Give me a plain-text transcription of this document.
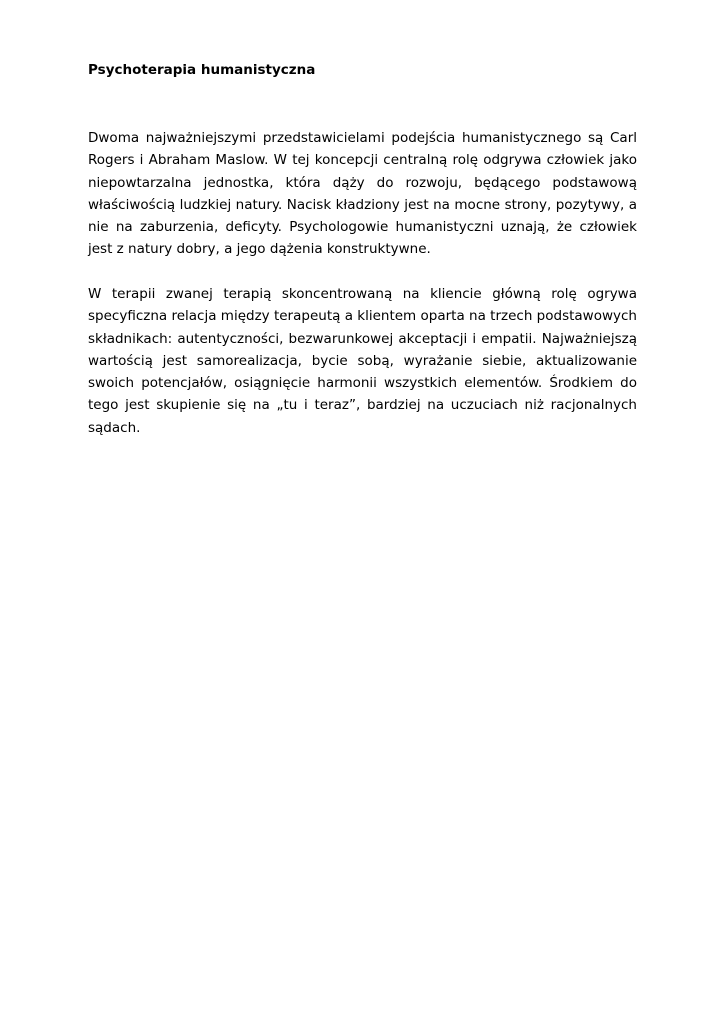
Psychoterapia humanistyczna

Dwoma najważniejszymi przedstawicielami podejścia humanistycznego są Carl Rogers i Abraham Maslow. W tej koncepcji centralną rolę odgrywa człowiek jako niepowtarzalna jednostka, która dąży do rozwoju, będącego podstawową właściwością ludzkiej natury. Nacisk kładziony jest na mocne strony, pozytywy, a nie na zaburzenia, deficyty. Psychologowie humanistyczni uznają, że człowiek jest z natury dobry, a jego dążenia konstruktywne.

W terapii zwanej terapią skoncentrowaną na kliencie główną rolę ogrywa specyficzna relacja między terapeutą a klientem oparta na trzech podstawowych składnikach: autentyczności, bezwarunkowej akceptacji i empatii. Najważniejszą wartością jest samorealizacja, bycie sobą, wyrażanie siebie, aktualizowanie swoich potencjałów, osiągnięcie harmonii wszystkich elementów. Środkiem do tego jest skupienie się na „tu i teraz”, bardziej na uczuciach niż racjonalnych sądach.
